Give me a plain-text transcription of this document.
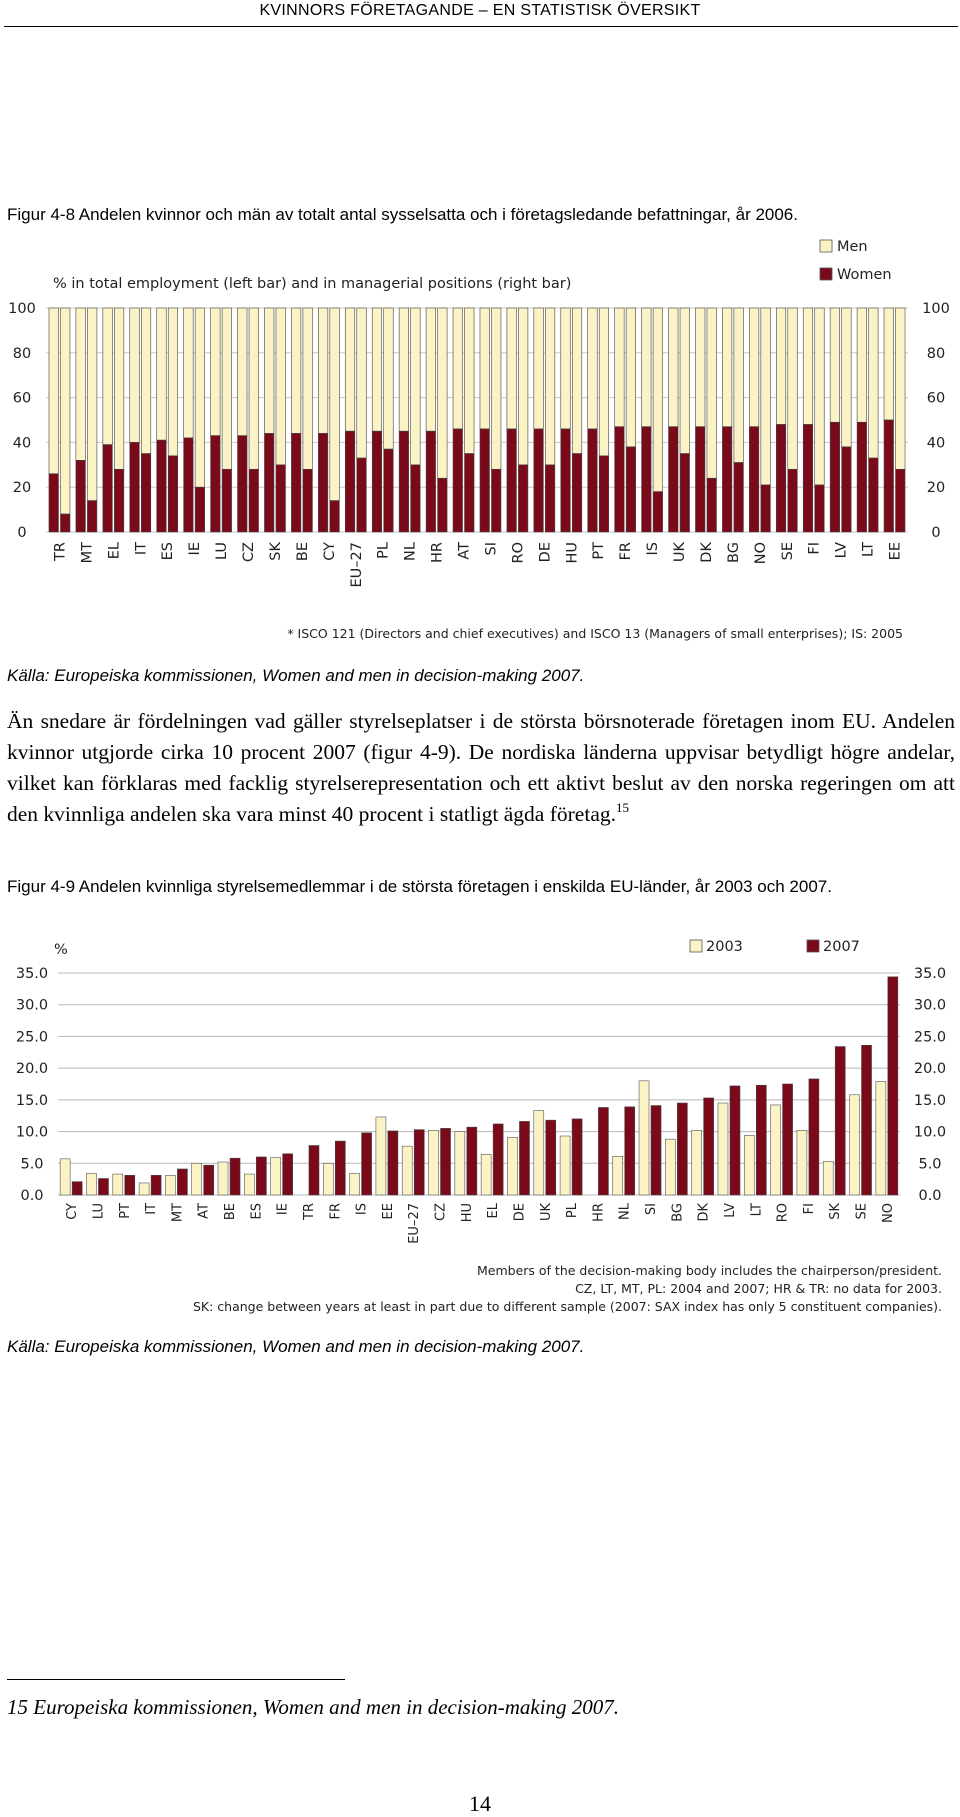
KVINNORS FÖRETAGANDE – EN STATISTISK ÖVERSIKT
Figur 4-8 Andelen kvinnor och män av totalt antal sysselsatta och i företagsledande befattningar, år 2006.
% in total employment (left bar) and in managerial positions (right bar)
Men
Women
0	0
20	20
40	40
60	60
80	80
100	100
TR MT EL IT ES IE LU CZ SK BE CY EU–27 PL NL HR AT SI RO DE HU PT FR IS UK DK BG NO SE FI LV LT EE
* ISCO 121 (Directors and chief executives) and ISCO 13 (Managers of small enterprises); IS: 2005
Källa: Europeiska kommissionen, Women and men in decision-making 2007.
Än snedare är fördelningen vad gäller styrelseplatser i de största börsnoterade företagen inom EU. Andelen kvinnor utgjorde cirka 10 procent 2007 (figur 4-9). De nordiska länderna uppvisar betydligt högre andelar, vilket kan förklaras med facklig styrelserepresentation och ett aktivt beslut av den norska regeringen om att den kvinnliga andelen ska vara minst 40 procent i statligt ägda företag.$^{15}$
Figur 4-9 Andelen kvinnliga styrelsemedlemmar i de största företagen i enskilda EU-länder, år 2003 och 2007.
%	2003	2007
0.0	0.0
5.0	5.0
10.0	10.0
15.0	15.0
20.0	20.0
25.0	25.0
30.0	30.0
35.0	35.0
CY LU PT IT MT AT BE ES IE TR FR IS EE EU–27 CZ HU EL DE UK PL HR NL SI BG DK LV LT RO FI SK SE NO
Members of the decision-making body includes the chairperson/president.
CZ, LT, MT, PL: 2004 and 2007; HR & TR: no data for 2003.
SK: change between years at least in part due to different sample (2007: SAX index has only 5 constituent companies).
Källa: Europeiska kommissionen, Women and men in decision-making 2007.
15 Europeiska kommissionen, Women and men in decision-making 2007.
14
